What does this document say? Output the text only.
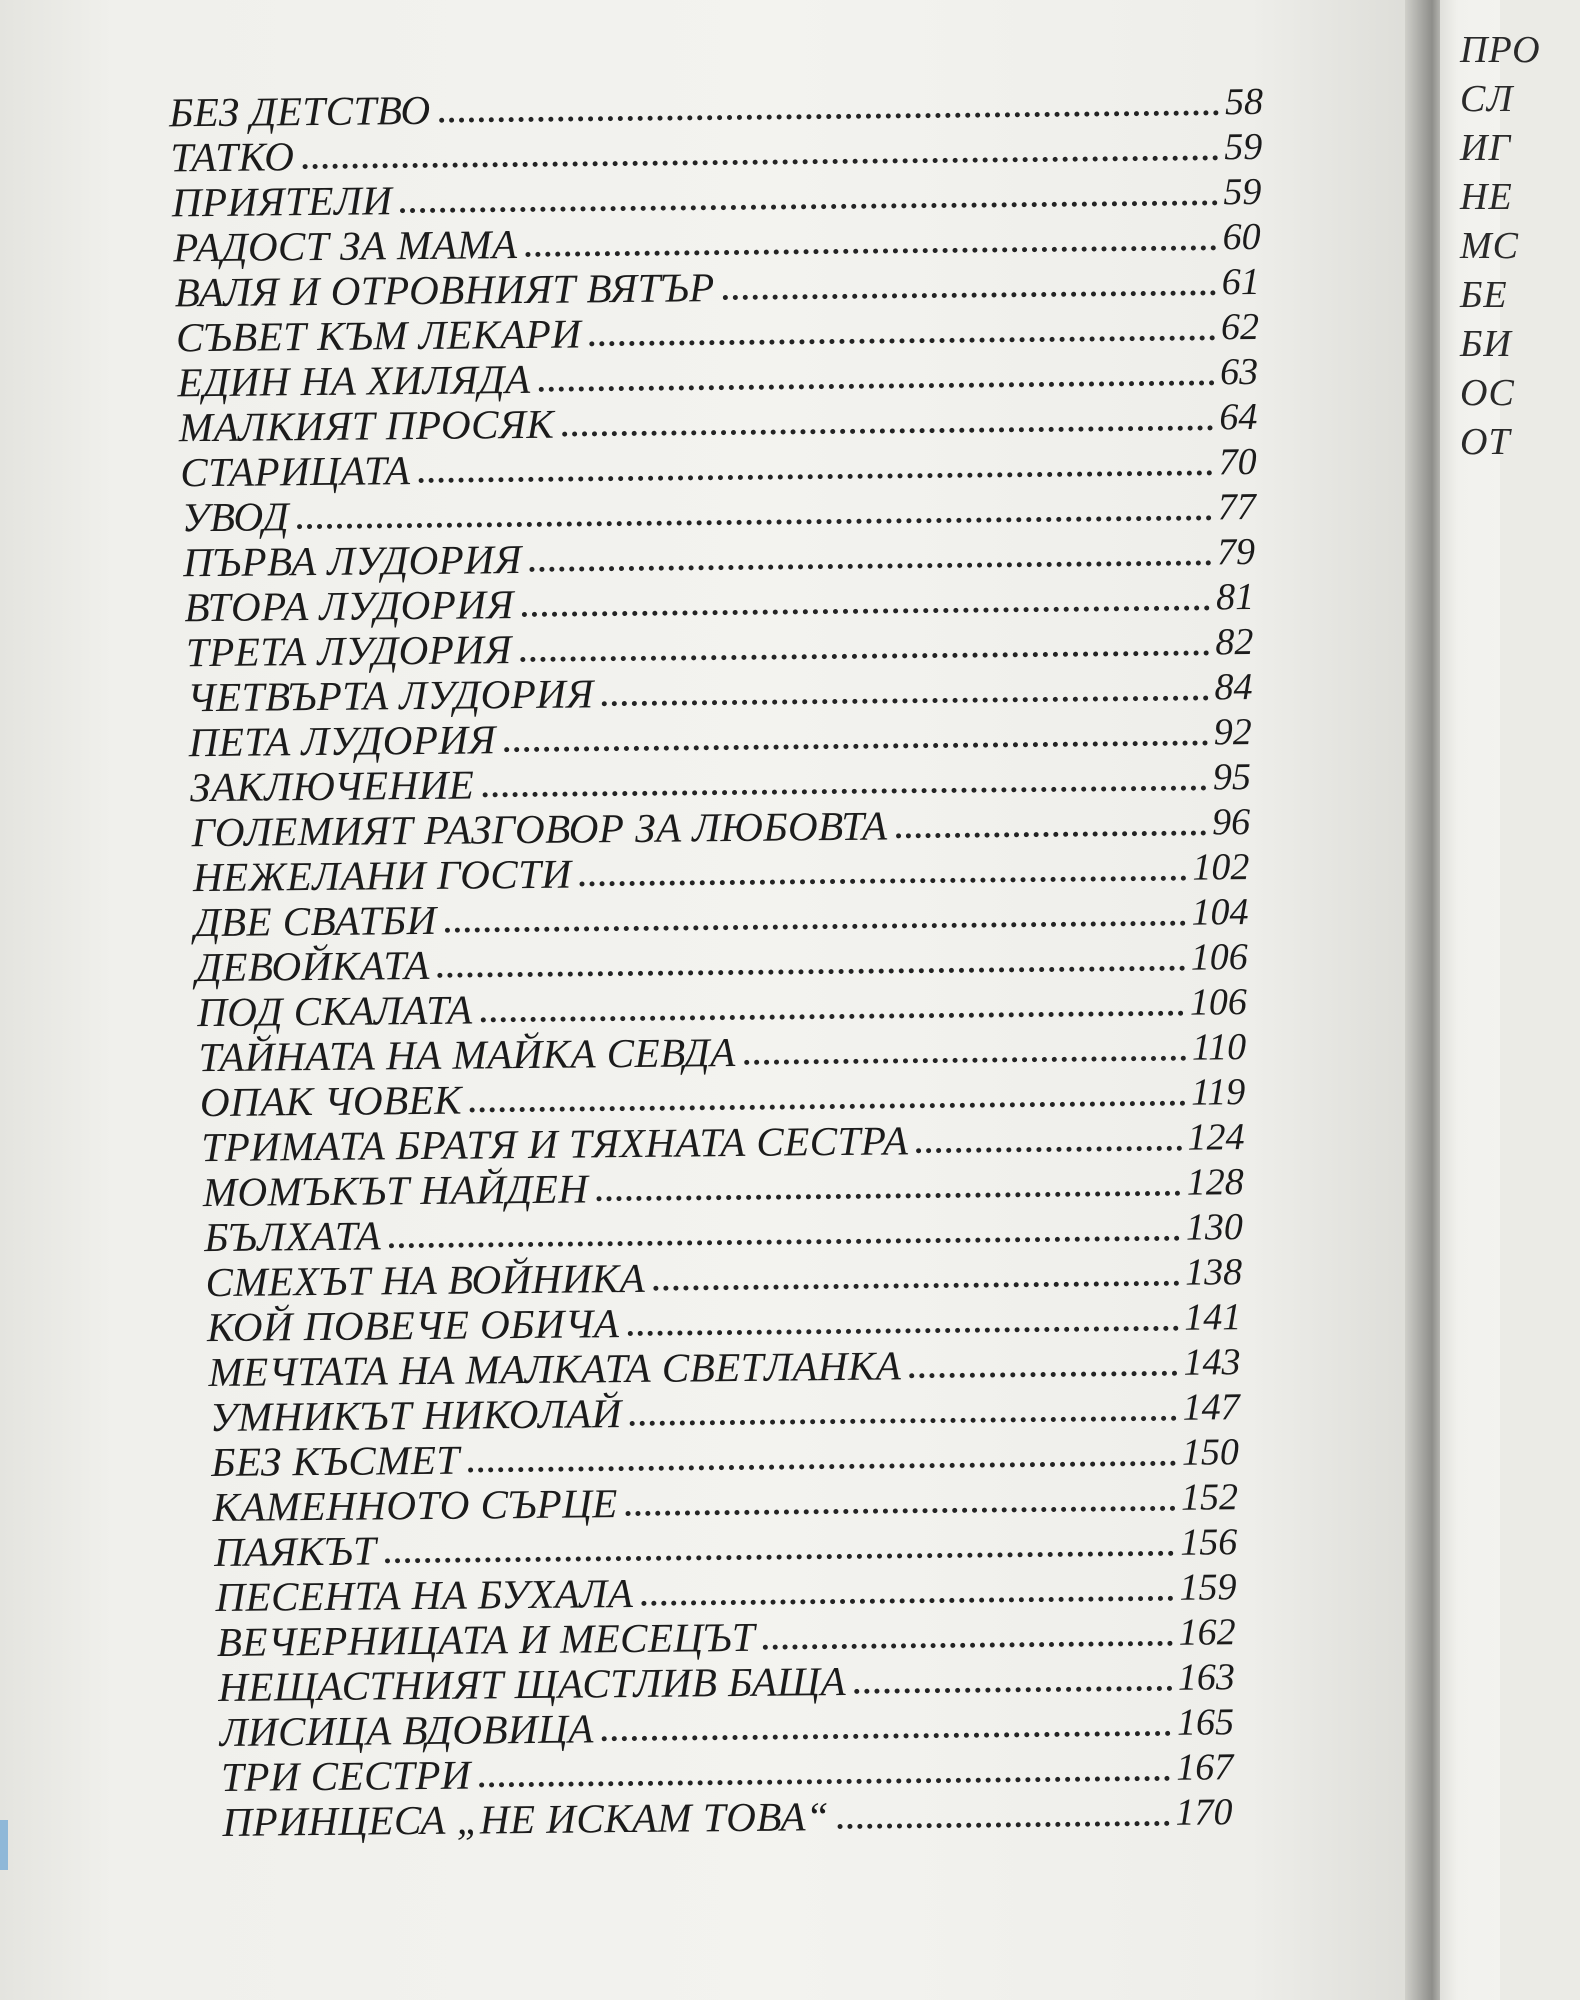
БЕЗ ДЕТСТВО	58
ТАТКО	59
ПРИЯТЕЛИ	59
РАДОСТ ЗА МАМА	60
ВАЛЯ И ОТРОВНИЯТ ВЯТЪР	61
СЪВЕТ КЪМ ЛЕКАРИ	62
ЕДИН НА ХИЛЯДА	63
МАЛКИЯТ ПРОСЯК	64
СТАРИЦАТА	70
УВОД	77
ПЪРВА ЛУДОРИЯ	79
ВТОРА ЛУДОРИЯ	81
ТРЕТА ЛУДОРИЯ	82
ЧЕТВЪРТА ЛУДОРИЯ	84
ПЕТА ЛУДОРИЯ	92
ЗАКЛЮЧЕНИЕ	95
ГОЛЕМИЯТ РАЗГОВОР ЗА ЛЮБОВТА	96
НЕЖЕЛАНИ ГОСТИ	102
ДВЕ СВАТБИ	104
ДЕВОЙКАТА	106
ПОД СКАЛАТА	106
ТАЙНАТА НА МАЙКА СЕВДА	110
ОПАК ЧОВЕК	119
ТРИМАТА БРАТЯ И ТЯХНАТА СЕСТРА	124
МОМЪКЪТ НАЙДЕН	128
БЪЛХАТА	130
СМЕХЪТ НА ВОЙНИКА	138
КОЙ ПОВЕЧЕ ОБИЧА	141
МЕЧТАТА НА МАЛКАТА СВЕТЛАНКА	143
УМНИКЪТ НИКОЛАЙ	147
БЕЗ КЪСМЕТ	150
КАМЕННОТО СЪРЦЕ	152
ПАЯКЪТ	156
ПЕСЕНТА НА БУХАЛА	159
ВЕЧЕРНИЦАТА И МЕСЕЦЪТ	162
НЕЩАСТНИЯТ ЩАСТЛИВ БАЩА	163
ЛИСИЦА ВДОВИЦА	165
ТРИ СЕСТРИ	167
ПРИНЦЕСА „НЕ ИСКАМ ТОВА“	170
ПРО
СЛ
ИГ
НЕ
МС
БЕ
БИ
ОС
ОТ
